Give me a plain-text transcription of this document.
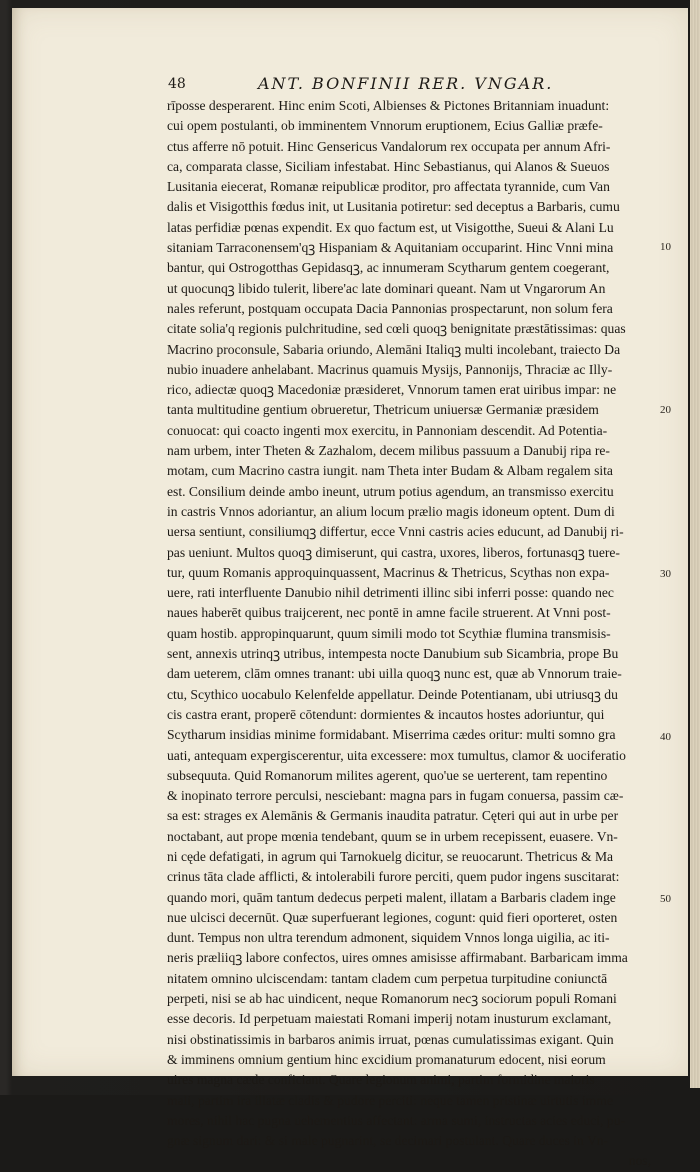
48	ANT. BONFINII RER. VNGAR.
rīposse desperarent. Hinc enim Scoti, Albienses & Pictones Britanniam inuadunt:
cui opem postulanti, ob imminentem Vnnorum eruptionem, Ecius Galliæ præfe-
ctus afferre nō potuit. Hinc Gensericus Vandalorum rex occupata per annum Afri-
ca, comparata classe, Siciliam infestabat. Hinc Sebastianus, qui Alanos & Sueuos
Lusitania eiecerat, Romanæ reipublicæ proditor, pro affectata tyrannide, cum Van
dalis et Visigotthis fœdus init, ut Lusitania potiretur: sed deceptus a Barbaris, cumu
latas perfidiæ pœnas expendit. Ex quo factum est, ut Visigotthe, Sueui & Alani Lu
sitaniam Tarraconensem'qꝫ Hispaniam & Aquitaniam occuparint. Hinc Vnni mina
bantur, qui Ostrogotthas Gepidasqꝫ, ac innumeram Scytharum gentem coegerant,
ut quocunqꝫ libido tulerit, libere'ac late dominari queant. Nam ut Vngarorum An
nales referunt, postquam occupata Dacia Pannonias prospectarunt, non solum fera
citate solia'q regionis pulchritudine, sed cœli quoqꝫ benignitate præstātissimas: quas
Macrino proconsule, Sabaria oriundo, Alemāni Italiqꝫ multi incolebant, traiecto Da
nubio inuadere anhelabant. Macrinus quamuis Mysijs, Pannonijs, Thraciæ ac Illy-
rico, adiectæ quoqꝫ Macedoniæ præsideret, Vnnorum tamen erat uiribus impar: ne
tanta multitudine gentium obrueretur, Thetricum uniuersæ Germaniæ præsidem
conuocat: qui coacto ingenti mox exercitu, in Pannoniam descendit. Ad Potentia-
nam urbem, inter Theten & Zazhalom, decem milibus passuum a Danubij ripa re-
motam, cum Macrino castra iungit. nam Theta inter Budam & Albam regalem sita
est. Consilium deinde ambo ineunt, utrum potius agendum, an transmisso exercitu
in castris Vnnos adoriantur, an alium locum prælio magis idoneum optent. Dum di
uersa sentiunt, consiliumqꝫ differtur, ecce Vnni castris acies educunt, ad Danubij ri-
pas ueniunt. Multos quoqꝫ dimiserunt, qui castra, uxores, liberos, fortunasqꝫ tuere-
tur, quum Romanis approquinquassent, Macrinus & Thetricus, Scythas non expa-
uere, rati interfluente Danubio nihil detrimenti illinc sibi inferri posse: quando nec
naues haberēt quibus traijcerent, nec pontē in amne facile struerent. At Vnni post-
quam hostib. appropinquarunt, quum simili modo tot Scythiæ flumina transmisis-
sent, annexis utrinqꝫ utribus, intempesta nocte Danubium sub Sicambria, prope Bu
dam ueterem, clām omnes tranant: ubi uilla quoqꝫ nunc est, quæ ab Vnnorum traie-
ctu, Scythico uocabulo Kelenfelde appellatur. Deinde Potentianam, ubi utriusqꝫ du
cis castra erant, properē cōtendunt: dormientes & incautos hostes adoriuntur, qui
Scytharum insidias minime formidabant. Miserrima cædes oritur: multi somno gra
uati, antequam expergiscerentur, uita excessere: mox tumultus, clamor & uociferatio
subsequuta. Quid Romanorum milites agerent, quo'ue se uerterent, tam repentino
& inopinato terrore perculsi, nesciebant: magna pars in fugam conuersa, passim cæ-
sa est: strages ex Alemānis & Germanis inaudita patratur. Cęteri qui aut in urbe per
noctabant, aut prope mœnia tendebant, quum se in urbem recepissent, euasere. Vn-
ni cęde defatigati, in agrum qui Tarnokuelg dicitur, se reuocarunt. Thetricus & Ma
crinus tāta clade afflicti, & intolerabili furore perciti, quem pudor ingens suscitarat:
quando mori, quām tantum dedecus perpeti malent, illatam a Barbaris cladem inge
nue ulcisci decernūt. Quæ superfuerant legiones, cogunt: quid fieri oporteret, osten
dunt. Tempus non ultra terendum admonent, siquidem Vnnos longa uigilia, ac iti-
neris præliiqꝫ labore confectos, uires omnes amisisse affirmabant. Barbaricam imma
nitatem omnino ulciscendam: tantam cladem cum perpetua turpitudine coniunctā
perpeti, nisi se ab hac uindicent, neque Romanorum necꝫ sociorum populi Romani
esse decoris. Id perpetuam maiestati Romani imperij notam inusturum exclamant,
nisi obstinatissimis in barbaros animis irruat, pœnas cumulatissimas exigant. Quin
& imminens omnium gentium hinc excidium promanaturum edocent, nisi eorum
uires magna cæde conficiant. Quare legionum animi, partim formidine maioris
mali, partim ira illatæ cladis & pudore perciti: neque tamen pristinæ uirtutis imme
mores, nihil hac pugna uehementius affectant: arma sumi, instructas acies educi, pu-
gnæ signum dari: & si male pugnarint, se decimari postulant. Quare duces in Vn-
nos,
10
20
30
40
50
